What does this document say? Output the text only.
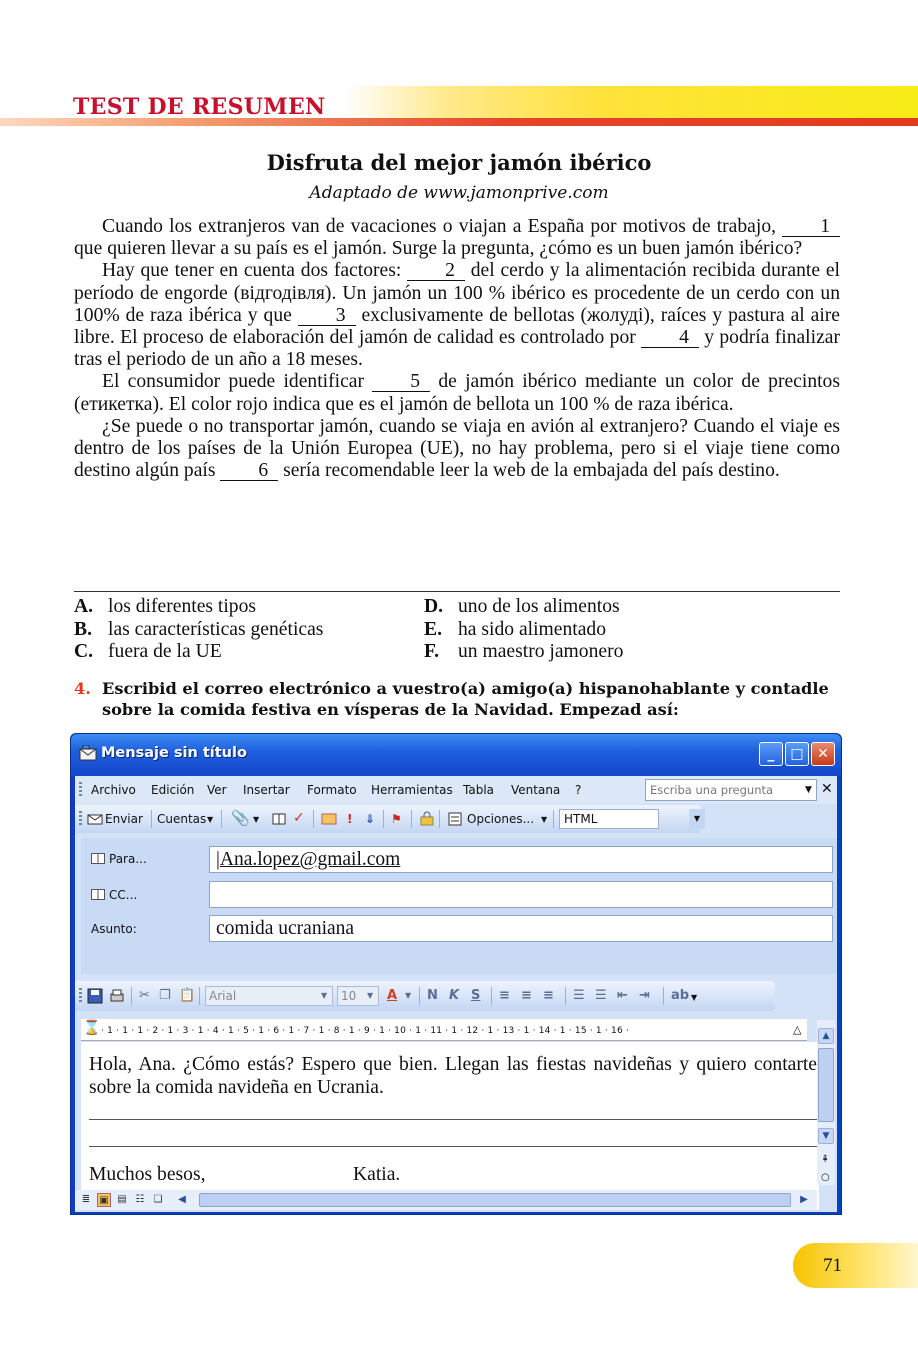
TEST DE RESUMEN
Disfruta del mejor jamón ibérico
Adaptado de www.jamonprive.com

Cuando los extranjeros van de vacaciones o viajan a España por motivos de trabajo, 1 que quieren llevar a su país es el jamón. Surge la pregunta, ¿cómo es un buen jamón ibérico?

Hay que tener en cuenta dos factores: 2 del cerdo y la alimentación recibida durante el período de engorde (відгодівля). Un jamón un 100 % ibérico es procedente de un cerdo con un 100% de raza ibérica y que 3 exclusivamente de bellotas (жолуді), raíces y pastura al aire libre. El proceso de elaboración del jamón de calidad es controlado por 4 y podría finalizar tras el periodo de un año a 18 meses.

El consumidor puede identificar 5 de jamón ibérico mediante un color de precintos (етикетка). El color rojo indica que es el jamón de bellota un 100 % de raza ibérica.

¿Se puede o no transportar jamón, cuando se viaja en avión al extranjero? Cuando el viaje es dentro de los países de la Unión Europea (UE), no hay problema, pero si el viaje tiene como destino algún país 6 sería recomendable leer la web de la embajada del país destino.

A. los diferentes tipos
B. las características genéticas
C. fuera de la UE
D. uno de los alimentos
E. ha sido alimentado
F. un maestro jamonero
4. Escribid el correo electrónico a vuestro(a) amigo(a) hispanohablante y contadle sobre la comida festiva en vísperas de la Navidad. Empezad así:
Mensaje sin título	_	□ ✕
Archivo Edición Ver Insertar Formato Herramientas Tabla Ventana ?	Escriba una pregunta	▼ ✕
Enviar Cuentas ▼ 📎 ▼ ✓	! ⇓ ⚑	Opciones... ▼	HTML	▼
Para...	|Ana.lopez@gmail.com
CC...
Asunto:	comida ucraniana
✂ ❐ 📋	Arial	▼	10	▼ A ▼ N K S ≡ ≡ ≡ ☰ ☰ ⇤ ⇥ ab ▼
⌛ · 1 · 1 · 1 · 2 · 1 · 3 · 1 · 4 · 1 · 5 · 1 · 6 · 1 · 7 · 1 · 8 · 1 · 9 · 1 · 10 · 1 · 11 · 1 · 12 · 1 · 13 · 1 · 14 · 1 · 15 · 1 · 16 ·	△
Hola, Ana. ¿Cómo estás? Espero que bien. Llegan las fiestas navideñas y quiero contarte sobre la comida navideña en Ucrania.
Muchos besos,	Katia.
▲
▼
⇞
○
≣ ▣ ▤ ☷ ❏	◀	▶
71
